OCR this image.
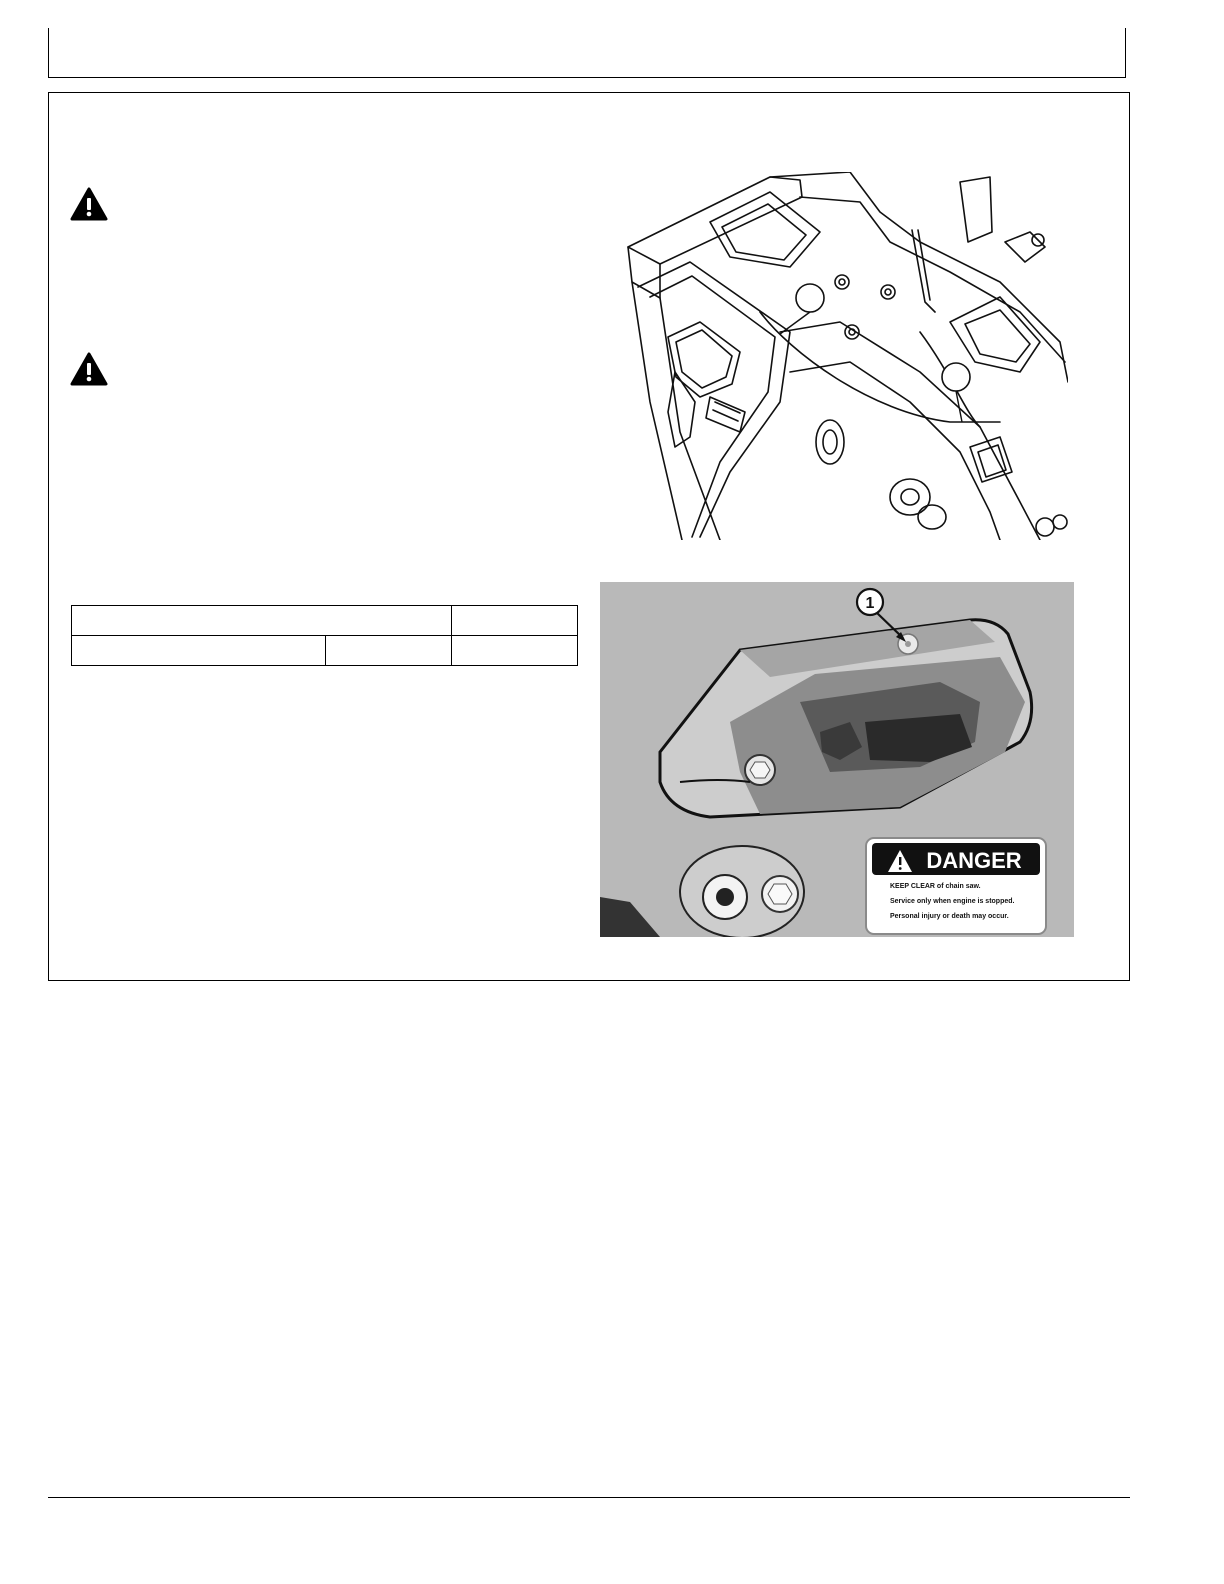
1
DANGER
KEEP CLEAR of chain saw.
Service only when engine is stopped.
Personal injury or death may occur.
